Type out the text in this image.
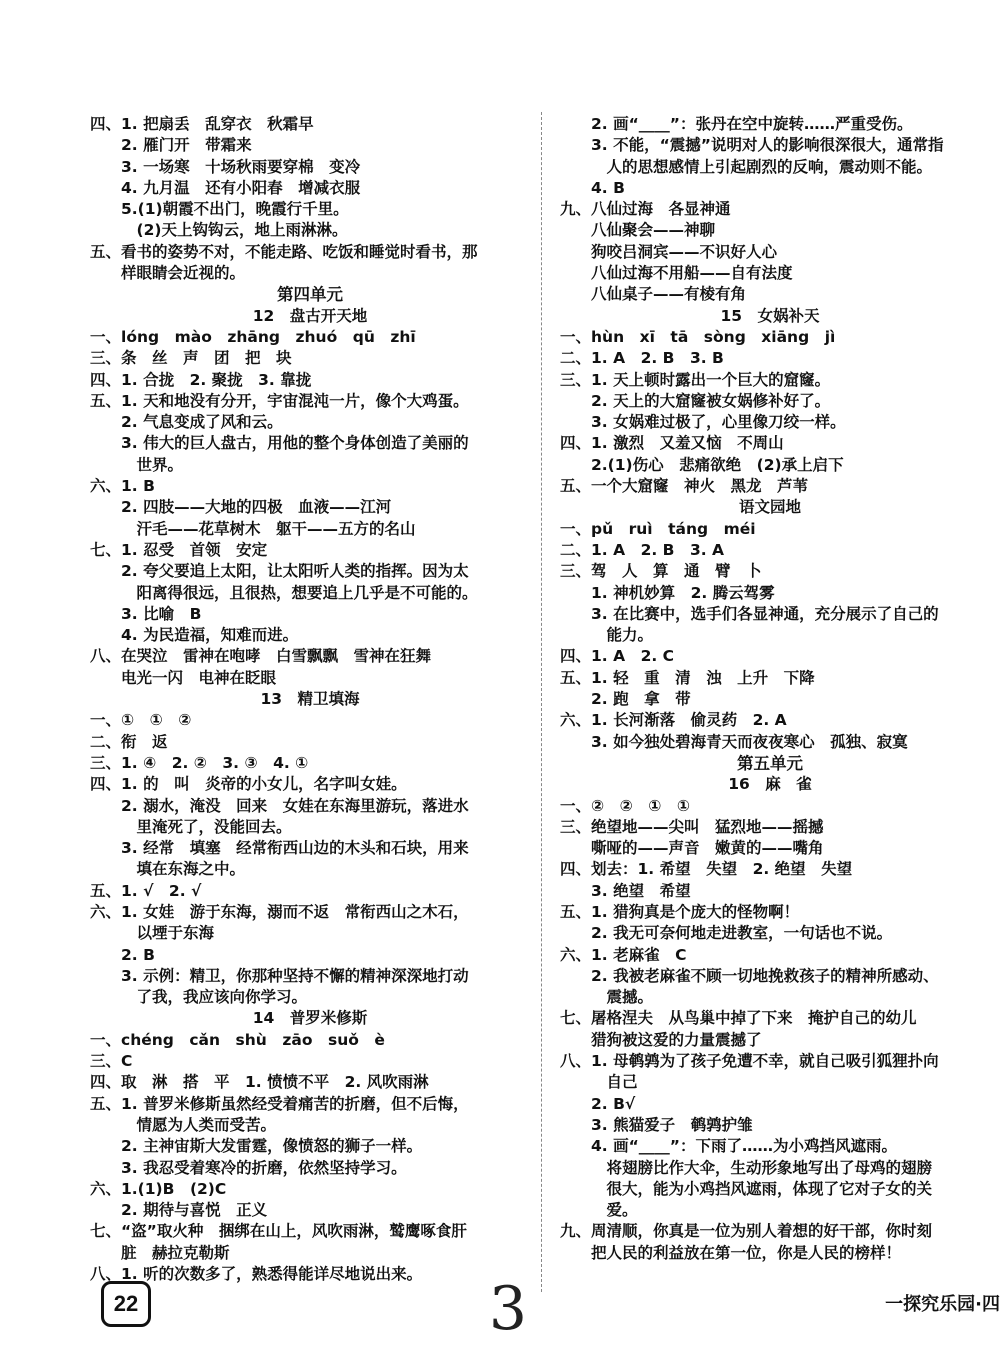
四、1. 把扇丢　乱穿衣　秋霜早
　　2. 雁门开　带霜来
　　3. 一场寒　十场秋雨要穿棉　变冷
　　4. 九月温　还有小阳春　增减衣服
　　5.(1)朝霞不出门，晚霞行千里。
　　　(2)天上钩钩云，地上雨淋淋。
五、看书的姿势不对，不能走路、吃饭和睡觉时看书，那
　　样眼睛会近视的。
第四单元
12　盘古开天地
一、lóng　mào　zhāng　zhuó　qū　zhī
三、条　丝　声　团　把　块
四、1. 合拢　2. 聚拢　3. 靠拢
五、1. 天和地没有分开，宇宙混沌一片，像个大鸡蛋。
　　2. 气息变成了风和云。
　　3. 伟大的巨人盘古，用他的整个身体创造了美丽的
　　　世界。
六、1. B
　　2. 四肢——大地的四极　血液——江河
　　　汗毛——花草树木　躯干——五方的名山
七、1. 忍受　首领　安定
　　2. 夸父要追上太阳，让太阳听人类的指挥。因为太
　　　阳离得很远，且很热，想要追上几乎是不可能的。
　　3. 比喻　B
　　4. 为民造福，知难而进。
八、在哭泣　雷神在咆哮　白雪飘飘　雪神在狂舞
　　电光一闪　电神在眨眼
13　精卫填海
一、①　①　②
二、衔　返
三、1. ④　2. ②　3. ③　4. ①
四、1. 的　叫　炎帝的小女儿，名字叫女娃。
　　2. 溺水，淹没　回来　女娃在东海里游玩，落进水
　　　里淹死了，没能回去。
　　3. 经常　填塞　经常衔西山边的木头和石块，用来
　　　填在东海之中。
五、1. √　2. √
六、1. 女娃　游于东海，溺而不返　常衔西山之木石，
　　　以堙于东海
　　2. B
　　3. 示例：精卫，你那种坚持不懈的精神深深地打动
　　　了我，我应该向你学习。
14　普罗米修斯
一、chéng　cǎn　shù　zāo　suǒ　è
三、C
四、取　淋　搭　平　1. 愤愤不平　2. 风吹雨淋
五、1. 普罗米修斯虽然经受着痛苦的折磨，但不后悔，
　　　情愿为人类而受苦。
　　2. 主神宙斯大发雷霆，像愤怒的狮子一样。
　　3. 我忍受着寒冷的折磨，依然坚持学习。
六、1.(1)B　(2)C
　　2. 期待与喜悦　正义
七、“盗”取火种　捆绑在山上，风吹雨淋，鹫鹰啄食肝
　　脏　赫拉克勒斯
八、1. 听的次数多了，熟悉得能详尽地说出来。
　　2. 画“____”：张丹在空中旋转……严重受伤。
　　3. 不能，“震撼”说明对人的影响很深很大，通常指
　　　人的思想感情上引起剧烈的反响，震动则不能。
　　4. B
九、八仙过海　各显神通
　　八仙聚会——神聊
　　狗咬吕洞宾——不识好人心
　　八仙过海不用船——自有法度
　　八仙桌子——有棱有角
15　女娲补天
一、hùn　xī　tā　sòng　xiāng　jì
二、1. A　2. B　3. B
三、1. 天上顿时露出一个巨大的窟窿。
　　2. 天上的大窟窿被女娲修补好了。
　　3. 女娲难过极了，心里像刀绞一样。
四、1. 激烈　又羞又恼　不周山
　　2.(1)伤心　悲痛欲绝　(2)承上启下
五、一个大窟窿　神火　黑龙　芦苇
语文园地
一、pǔ　ruì　táng　méi
二、1. A　2. B　3. A
三、驾　人　算　通　臂　卜
　　1. 神机妙算　2. 腾云驾雾
　　3. 在比赛中，选手们各显神通，充分展示了自己的
　　　能力。
四、1. A　2. C
五、1. 轻　重　清　浊　上升　下降
　　2. 跑　拿　带
六、1. 长河渐落　偷灵药　2. A
　　3. 如今独处碧海青天而夜夜寒心　孤独、寂寞
第五单元
16　麻　雀
一、②　②　①　①
三、绝望地——尖叫　猛烈地——摇撼
　　嘶哑的——声音　嫩黄的——嘴角
四、划去：1. 希望　失望　2. 绝望　失望
　　3. 绝望　希望
五、1. 猎狗真是个庞大的怪物啊！
　　2. 我无可奈何地走进教室，一句话也不说。
六、1. 老麻雀　C
　　2. 我被老麻雀不顾一切地挽救孩子的精神所感动、
　　　震撼。
七、屠格涅夫　从鸟巢中掉了下来　掩护自己的幼儿
　　猎狗被这爱的力量震撼了
八、1. 母鹌鹑为了孩子免遭不幸，就自己吸引狐狸扑向
　　　自己
　　2. B√
　　3. 熊猫爱子　鹌鹑护雏
　　4. 画“____”：下雨了……为小鸡挡风遮雨。
　　　将翅膀比作大伞，生动形象地写出了母鸡的翅膀
　　　很大，能为小鸡挡风遮雨，体现了它对子女的关
　　　爱。
九、周清顺，你真是一位为别人着想的好干部，你时刻
　　把人民的利益放在第一位，你是人民的榜样！
22	3	一探究乐园·四
